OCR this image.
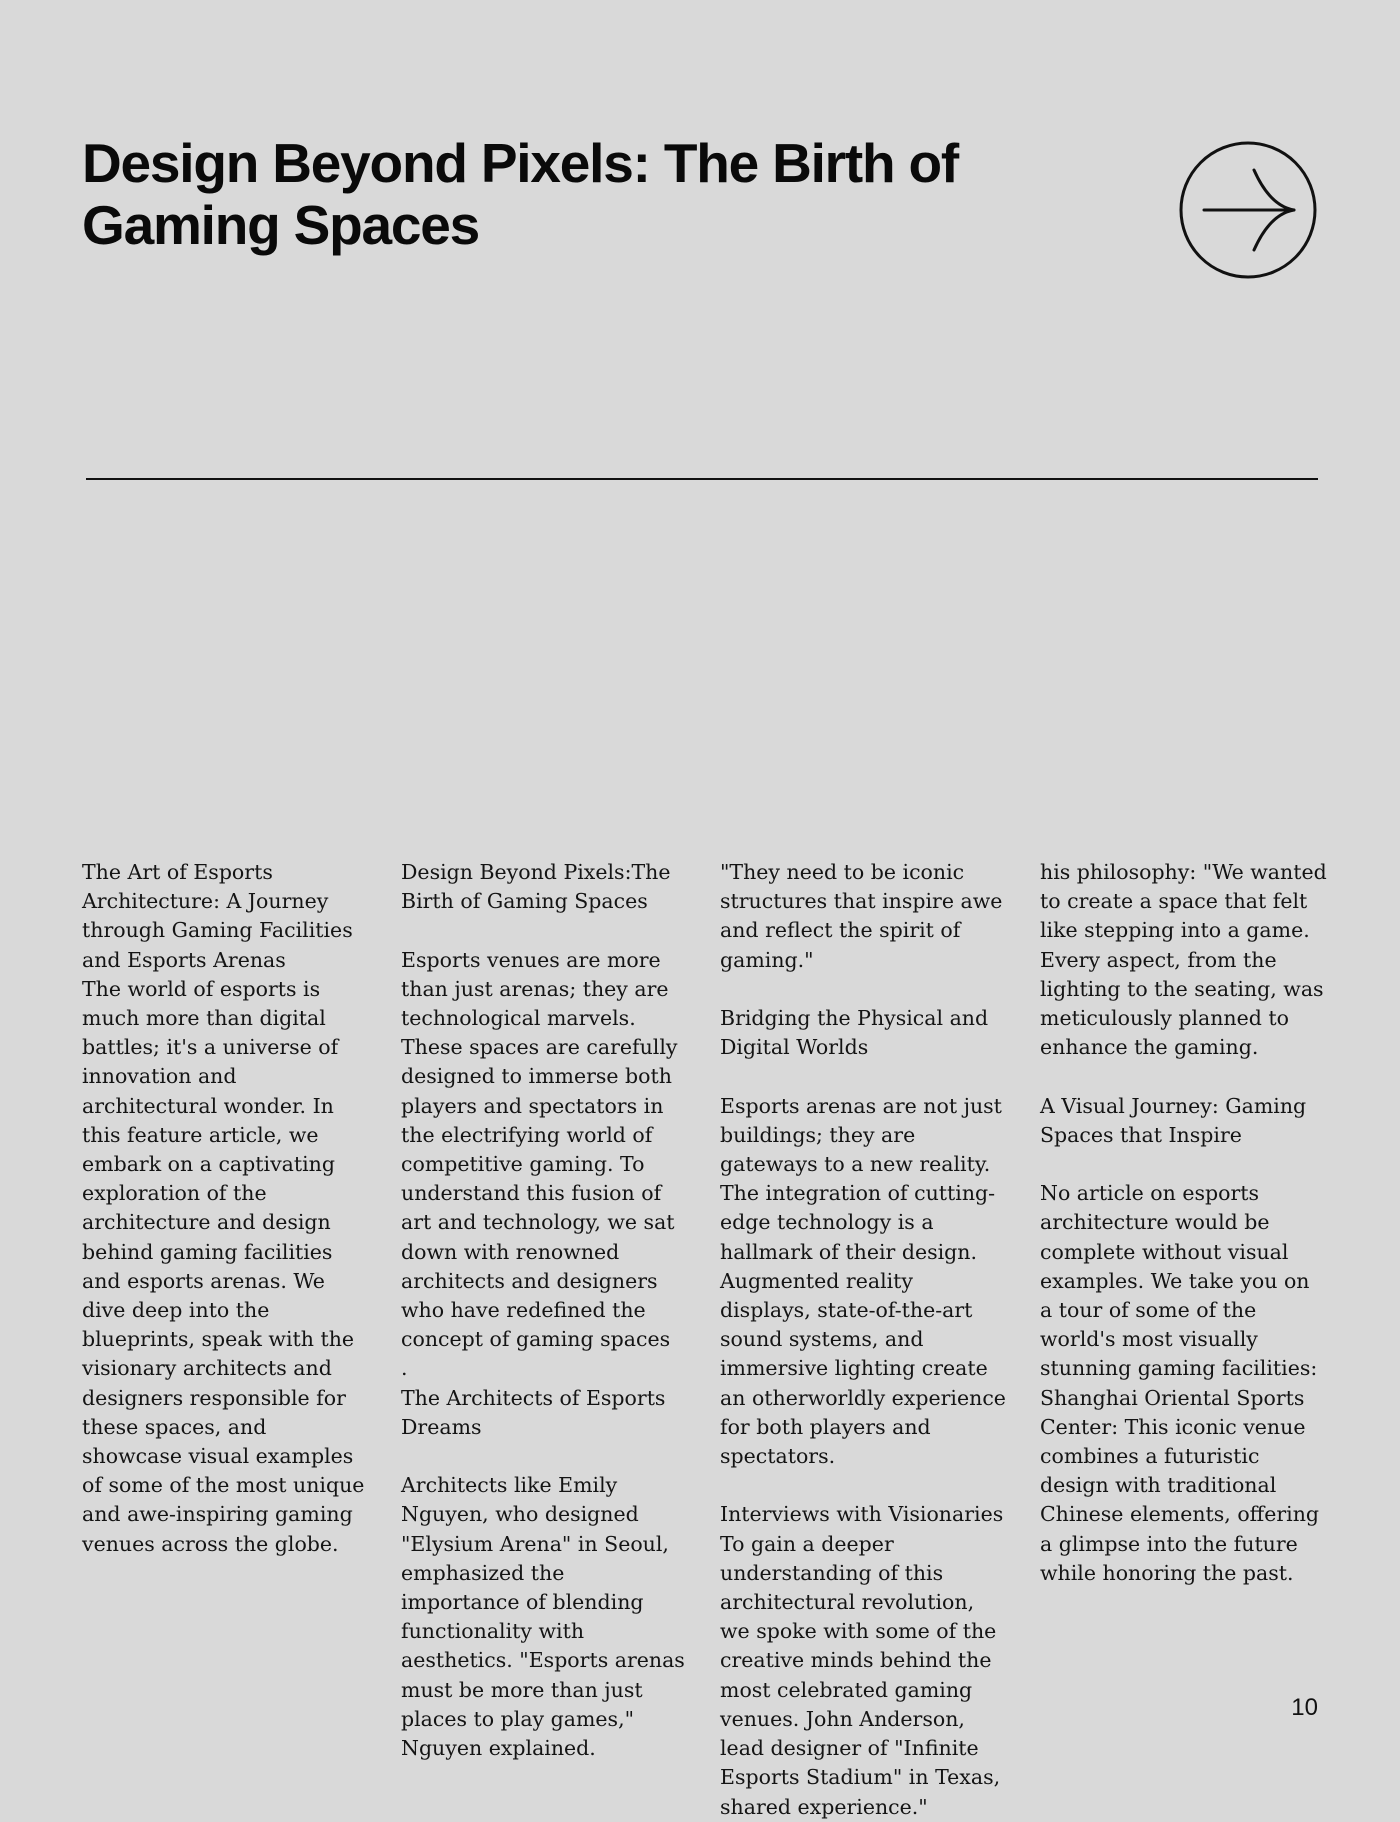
Design Beyond Pixels: The Birth of Gaming Spaces

The Art of Esports Architecture: A Journey through Gaming Facilities and Esports Arenas
The world of esports is much more than digital battles; it's a universe of innovation and architectural wonder. In this feature article, we embark on a captivating exploration of the architecture and design behind gaming facilities and esports arenas. We dive deep into the blueprints, speak with the visionary architects and designers responsible for these spaces, and showcase visual examples of some of the most unique and awe-inspiring gaming venues across the globe.

Design Beyond Pixels:The Birth of Gaming Spaces

Esports venues are more than just arenas; they are technological marvels. These spaces are carefully designed to immerse both players and spectators in the electrifying world of competitive gaming. To understand this fusion of art and technology, we sat down with renowned architects and designers who have redefined the concept of gaming spaces
.
The Architects of Esports Dreams

Architects like Emily Nguyen, who designed "Elysium Arena" in Seoul, emphasized the importance of blending functionality with aesthetics. "Esports arenas must be more than just places to play games," Nguyen explained.

"They need to be iconic structures that inspire awe and reflect the spirit of gaming."

Bridging the Physical and Digital Worlds

Esports arenas are not just buildings; they are gateways to a new reality. The integration of cutting-edge technology is a hallmark of their design. Augmented reality displays, state-of-the-art sound systems, and immersive lighting create an otherworldly experience for both players and spectators.

Interviews with Visionaries
To gain a deeper understanding of this architectural revolution, we spoke with some of the creative minds behind the most celebrated gaming venues. John Anderson, lead designer of "Infinite Esports Stadium" in Texas, shared experience."

his philosophy: "We wanted to create a space that felt like stepping into a game. Every aspect, from the lighting to the seating, was meticulously planned to enhance the gaming.

A Visual Journey: Gaming Spaces that Inspire

No article on esports architecture would be complete without visual examples. We take you on a tour of some of the world's most visually stunning gaming facilities: Shanghai Oriental Sports Center: This iconic venue combines a futuristic design with traditional Chinese elements, offering a glimpse into the future while honoring the past.

10
